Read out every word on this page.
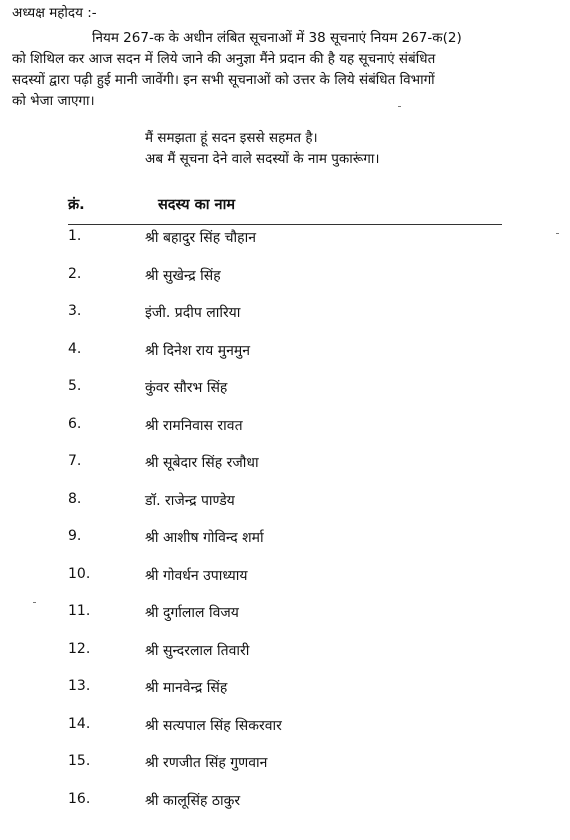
अध्यक्ष महोदय :-
नियम 267-क के अधीन लंबित सूचनाओं में 38 सूचनाएं नियम 267-क(2)
को शिथिल कर आज सदन में लिये जाने की अनुज्ञा मैंने प्रदान की है यह सूचनाएं संबंधित
सदस्यों द्वारा पढ़ी हुई मानी जावेंगी। इन सभी सूचनाओं को उत्तर के लिये संबंधित विभागों
को भेजा जाएगा।
मैं समझता हूं सदन इससे सहमत है।
अब मैं सूचना देने वाले सदस्यों के नाम पुकारूंगा।
क्रं.	सदस्य का नाम
1.	श्री बहादुर सिंह चौहान
2.	श्री सुखेन्द्र सिंह
3.	इंजी. प्रदीप लारिया
4.	श्री दिनेश राय मुनमुन
5.	कुंवर सौरभ सिंह
6.	श्री रामनिवास रावत
7.	श्री सूबेदार सिंह रजौधा
8.	डॉ. राजेन्द्र पाण्डेय
9.	श्री आशीष गोविन्द शर्मा
10.	श्री गोवर्धन उपाध्याय
11.	श्री दुर्गालाल विजय
12.	श्री सुन्दरलाल तिवारी
13.	श्री मानवेन्द्र सिंह
14.	श्री सत्यपाल सिंह सिकरवार
15.	श्री रणजीत सिंह गुणवान
16.	श्री कालूसिंह ठाकुर
